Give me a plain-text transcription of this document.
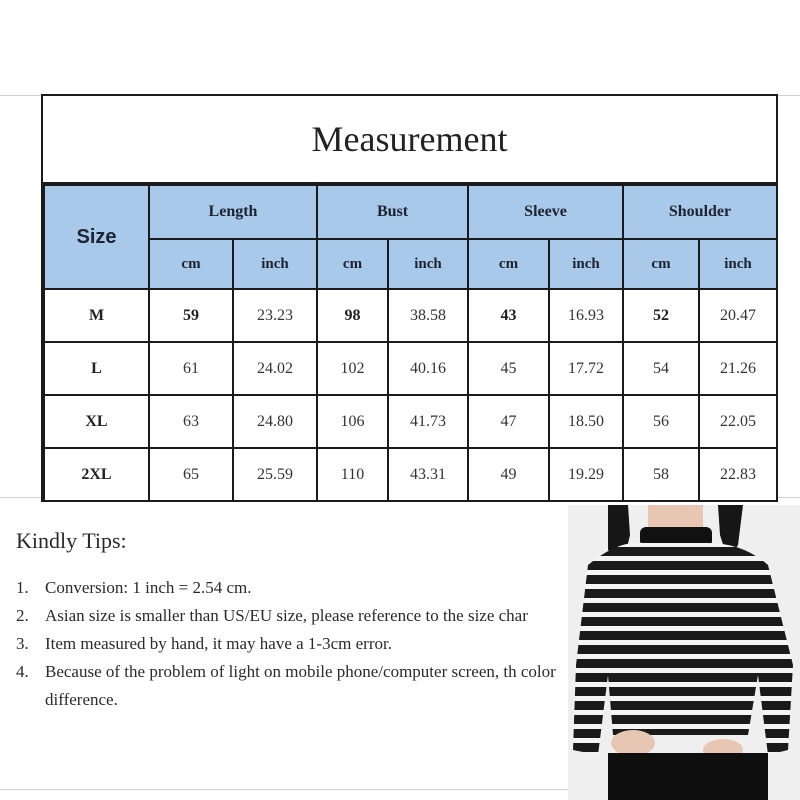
Measurement
Size	Length		Bust		Sleeve		Shoulder	
	cm	inch	cm	inch	cm	inch	cm	inch
M	59	23.23	98	38.58	43	16.93	52	20.47
L	61	24.02	102	40.16	45	17.72	54	21.26
XL	63	24.80	106	41.73	47	18.50	56	22.05
2XL	65	25.59	110	43.31	49	19.29	58	22.83
Kindly Tips:
1. Conversion: 1 inch = 2.54 cm.
2. Asian size is smaller than US/EU size, please reference to the size char
3. Item measured by hand, it may have a 1-3cm error.
4. Because of the problem of light on mobile phone/computer screen, th color difference.
